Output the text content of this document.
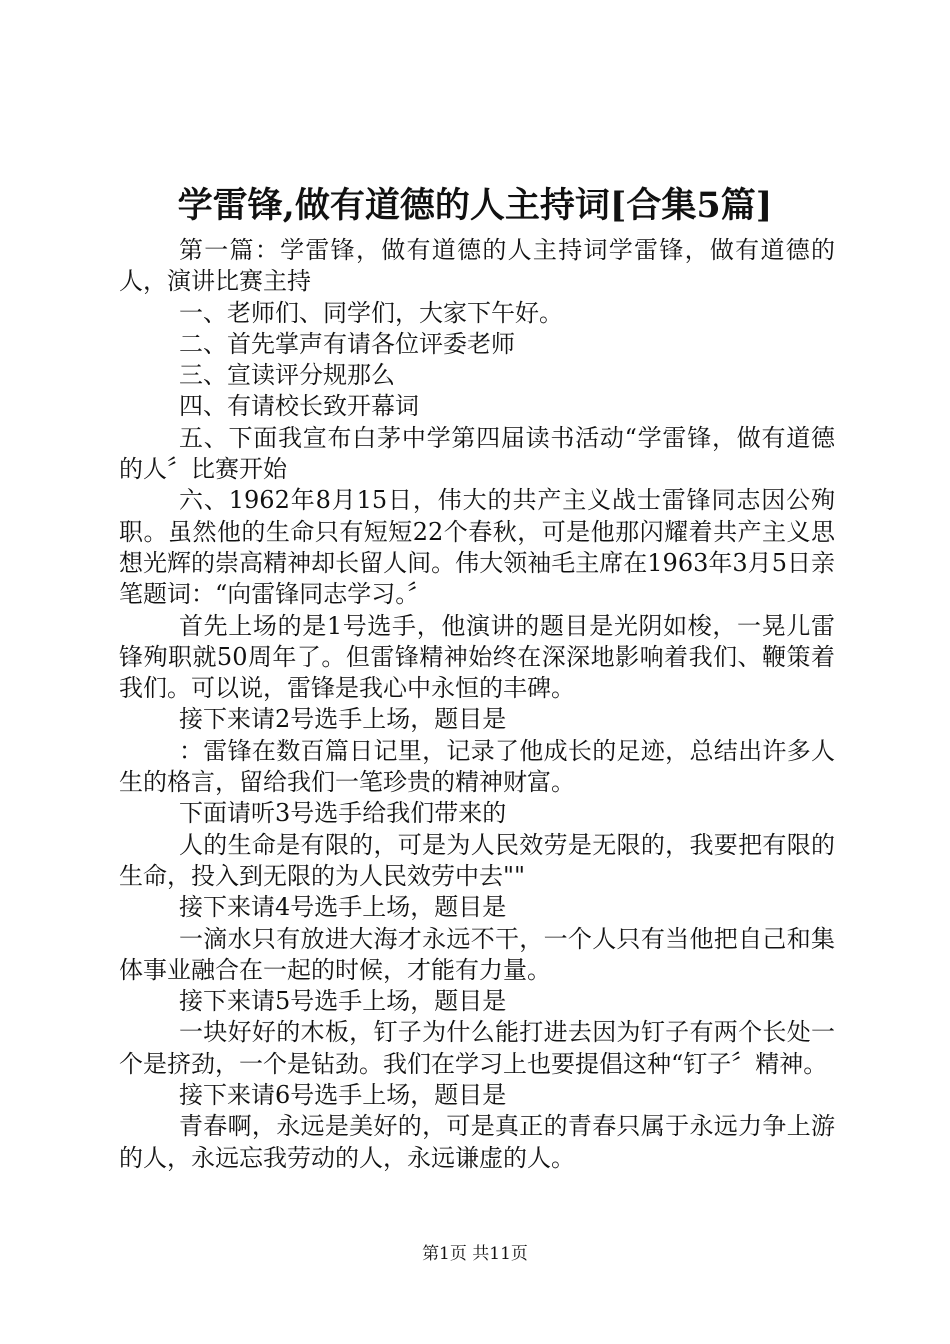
学雷锋,做有道德的人主持词[合集5篇]

第一篇：学雷锋，做有道德的人主持词学雷锋，做有道德的人，演讲比赛主持

一、老师们、同学们，大家下午好。

二、首先掌声有请各位评委老师

三、宣读评分规那么

四、有请校长致开幕词

五、下面我宣布白茅中学第四届读书活动“学雷锋，做有道德的人〞比赛开始

六、1962年8月15日，伟大的共产主义战士雷锋同志因公殉职。虽然他的生命只有短短22个春秋，可是他那闪耀着共产主义思想光辉的崇高精神却长留人间。伟大领袖毛主席在1963年3月5日亲笔题词：“向雷锋同志学习。〞

首先上场的是1号选手，他演讲的题目是光阴如梭，一晃儿雷锋殉职就50周年了。但雷锋精神始终在深深地影响着我们、鞭策着我们。可以说，雷锋是我心中永恒的丰碑。

接下来请2号选手上场，题目是

：雷锋在数百篇日记里，记录了他成长的足迹，总结出许多人生的格言，留给我们一笔珍贵的精神财富。

下面请听3号选手给我们带来的

人的生命是有限的，可是为人民效劳是无限的，我要把有限的生命，投入到无限的为人民效劳中去""

接下来请4号选手上场，题目是

一滴水只有放进大海才永远不干，一个人只有当他把自己和集体事业融合在一起的时候，才能有力量。

接下来请5号选手上场，题目是

一块好好的木板，钉子为什么能打进去因为钉子有两个长处一个是挤劲，一个是钻劲。我们在学习上也要提倡这种“钉子〞精神。

接下来请6号选手上场，题目是

青春啊，永远是美好的，可是真正的青春只属于永远力争上游的人，永远忘我劳动的人，永远谦虚的人。

第1页 共11页
